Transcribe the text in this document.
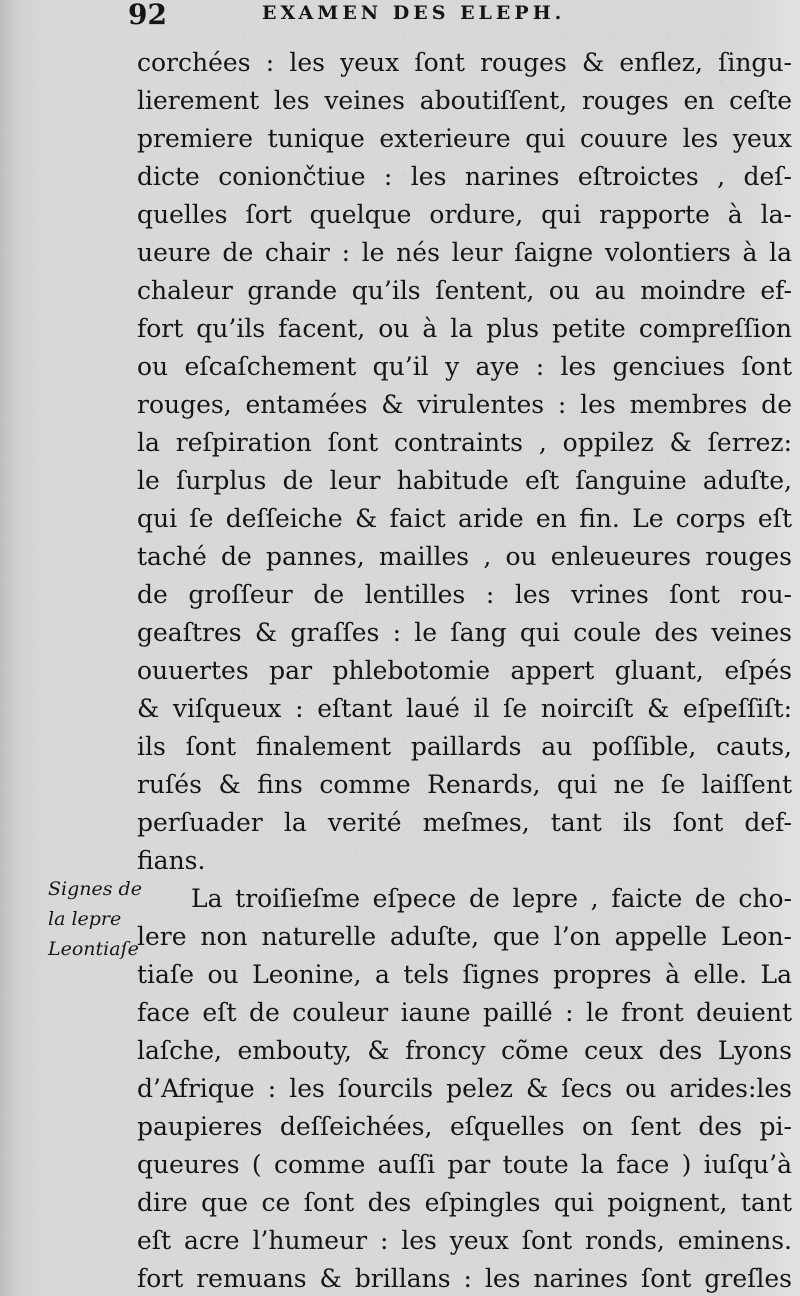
92	EXAMEN DES ELEPH.
Signes de
la lepre
Leontiaſe
corchées : les yeux ſont rouges & enflez, ſingu-
lierement les veines aboutiſſent, rouges en ceſte
premiere tunique exterieure qui couure les yeux
dicte coniončtiue : les narines eſtroictes , deſ-
quelles ſort quelque ordure, qui rapporte à la-
ueure de chair : le nés leur ſaigne volontiers à la
chaleur grande qu’ils ſentent, ou au moindre ef-
fort qu’ils facent, ou à la plus petite compreſſion
ou eſcaſchement qu’il y aye : les genciues ſont
rouges, entamées & virulentes : les membres de
la reſpiration ſont contraints , oppilez & ſerrez:
le ſurplus de leur habitude eſt ſanguine aduſte,
qui ſe deſſeiche & faict aride en fin. Le corps eſt
taché de pannes, mailles , ou enleueures rouges
de groſſeur de lentilles : les vrines ſont rou-
geaſtres & graſſes : le ſang qui coule des veines
ouuertes par phlebotomie appert gluant, eſpés
& viſqueux : eſtant laué il ſe noirciſt & eſpeſſiſt:
ils ſont finalement paillards au poſſible, cauts,
ruſés & fins comme Renards, qui ne ſe laiſſent
perſuader la verité meſmes, tant ils ſont def-
fians.
La troiſieſme eſpece de lepre , faicte de cho-
lere non naturelle aduſte, que l’on appelle Leon-
tiaſe ou Leonine, a tels ſignes propres à elle. La
face eſt de couleur iaune paillé : le front deuient
laſche, embouty, & froncy cõme ceux des Lyons
d’Afrique : les ſourcils pelez & ſecs ou arides:les
paupieres deſſeichées, eſquelles on ſent des pi-
queures ( comme auſſi par toute la face ) iuſqu’à
dire que ce ſont des eſpingles qui poignent, tant
eſt acre l’humeur : les yeux ſont ronds, eminens.
fort remuans & brillans : les narines ſont greſles
